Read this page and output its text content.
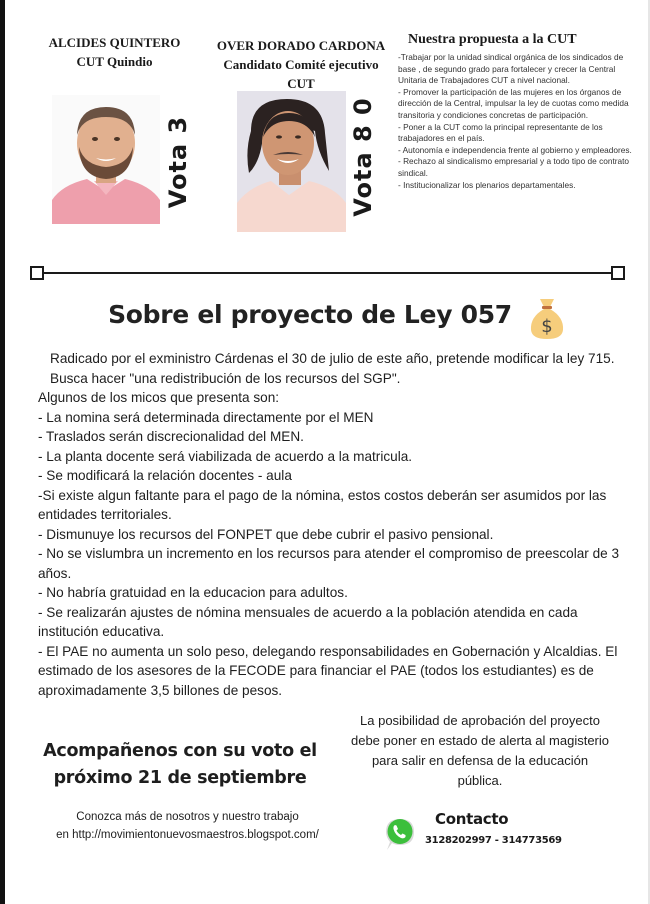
ALCIDES QUINTERO
CUT Quindio
Vota 3
OVER DORADO CARDONA
Candidato Comité ejecutivo
CUT
Vota 8 0
Nuestra propuesta a la CUT
-Trabajar por la unidad sindical orgánica de los sindicados de base , de segundo grado para fortalecer y crecer la Central Unitaria de Trabajadores CUT a nivel nacional.
- Promover la participación de las mujeres en los órganos de dirección de la Central, impulsar la ley de cuotas como medida transitoria y condiciones concretas de participación.
- Poner a la CUT como la principal representante de los trabajadores en el país.
- Autonomía e independencia frente al gobierno y empleadores.
- Rechazo al sindicalismo empresarial y a todo tipo de contrato sindical.
- Institucionalizar los plenarios departamentales.
Sobre el proyecto de Ley 057	$

Radicado por el exministro Cárdenas el 30 de julio de este año, pretende modificar la ley 715. Busca hacer "una redistribución de los recursos del SGP".

Algunos de los micos que presenta son:

- La nomina será determinada directamente por el MEN

- Traslados serán discrecionalidad del MEN.

- La planta docente será viabilizada de acuerdo a la matricula.

- Se modificará la relación docentes - aula

-Si existe algun faltante para el pago de la nómina, estos costos deberán ser asumidos por las entidades territoriales.

- Dismunuye los recursos del FONPET que debe cubrir el pasivo pensional.

- No se vislumbra un incremento en los recursos para atender el compromiso de preescolar de 3 años.

- No habría gratuidad en la educacion para adultos.

- Se realizarán ajustes de nómina mensuales de acuerdo a la población atendida en cada institución educativa.

- El PAE no aumenta un solo peso, delegando responsabilidades en Gobernación y Alcaldias. El estimado de los asesores de la FECODE para financiar el PAE (todos los estudiantes) es de aproximadamente 3,5 billones de pesos.

Acompañenos con su voto el
próximo 21 de septiembre
La posibilidad de aprobación del proyecto debe poner en estado de alerta al magisterio para salir en defensa de la educación pública.
Conozca más de nosotros y nuestro trabajo
en http://movimientonuevosmaestros.blogspot.com/
Contacto
3128202997 - 314773569
